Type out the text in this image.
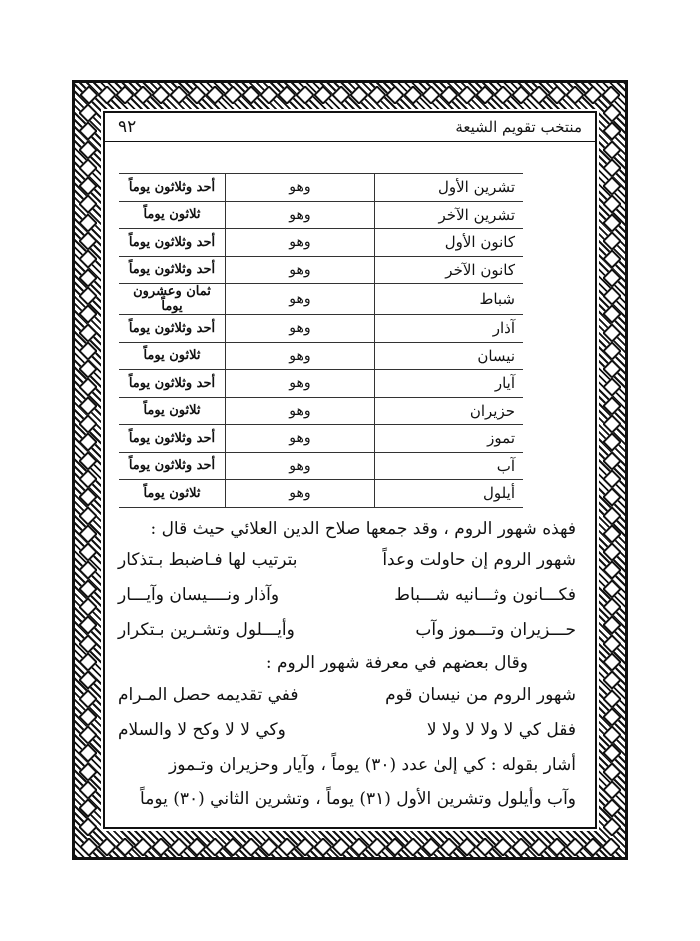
٩٢	منتخب تقويم الشيعة
تشرين الأول	وهو	أحد وثلاثون يوماً
تشرين الآخر	وهو	ثلاثون يوماً
كانون الأول	وهو	أحد وثلاثون يوماً
كانون الآخر	وهو	أحد وثلاثون يوماً
شباط	وهو	ثمان وعشرون يوماً
آذار	وهو	أحد وثلاثون يوماً
نيسان	وهو	ثلاثون يوماً
آيار	وهو	أحد وثلاثون يوماً
حزيران	وهو	ثلاثون يوماً
تموز	وهو	أحد وثلاثون يوماً
آب	وهو	أحد وثلاثون يوماً
أيلول	وهو	ثلاثون يوماً
فهذه شهور الروم ، وقد جمعها صلاح الدين العلائي حيث قال :
شهور الروم إن حاولت وعداً
بترتيب لها فـاضبط بـتذكار
فكـــانون وثـــانيه شـــباط
وآذار ونــــيسان وآيـــار
حـــزيران وتـــموز وآب
وأيـــلول وتشـرين بـتكرار
وقال بعضهم في معرفة شهور الروم :
شهور الروم من نيسان قوم
ففي تقديمه حصل المـرام
فقل كي لا ولا لا ولا لا
وكي لا لا وكح لا والسلام
أشار بقوله : كي إلىٰ عدد (٣٠) يوماً ، وآيار وحزيران وتـموز
وآب وأيلول وتشرين الأول (٣١) يوماً ، وتشرين الثاني (٣٠) يوماً
